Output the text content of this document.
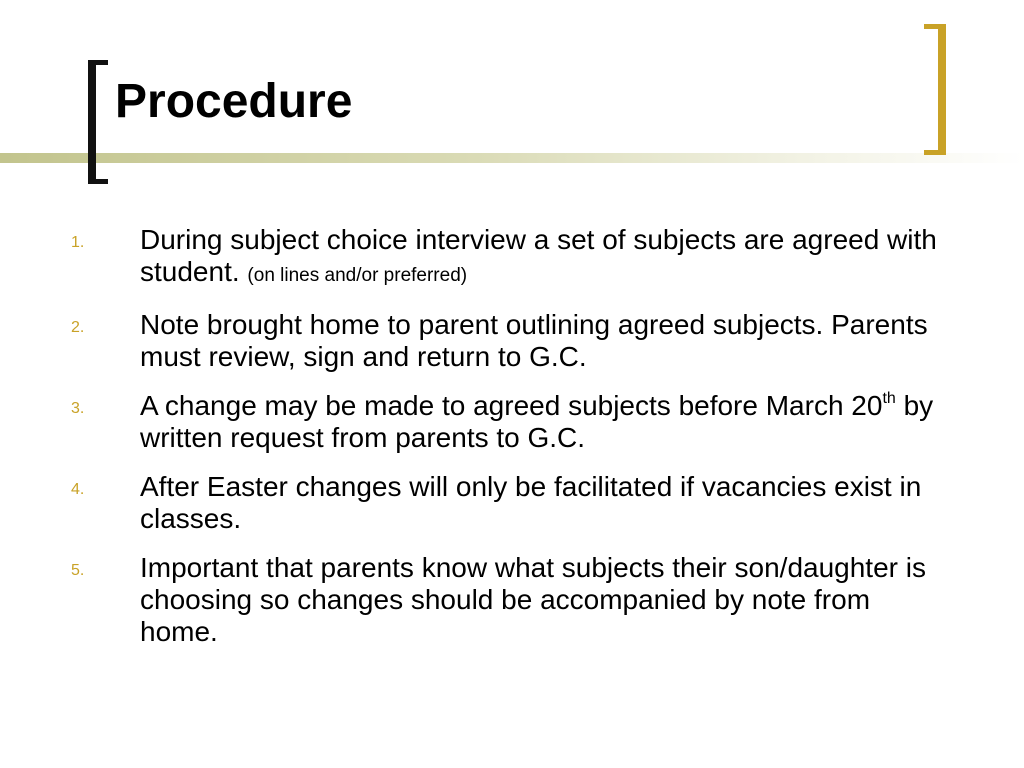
Procedure
1.	During subject choice interview a set of subjects are agreed with student. (on lines and/or preferred)
2.	Note brought home to parent outlining agreed subjects. Parents must review, sign and return to G.C.
3.	A change may be made to agreed subjects before March 20th by written request from parents to G.C.
4.	After Easter changes will only be facilitated if vacancies exist in classes.
5.	Important that parents know what subjects their son/daughter is choosing so changes should be accompanied by note from home.
